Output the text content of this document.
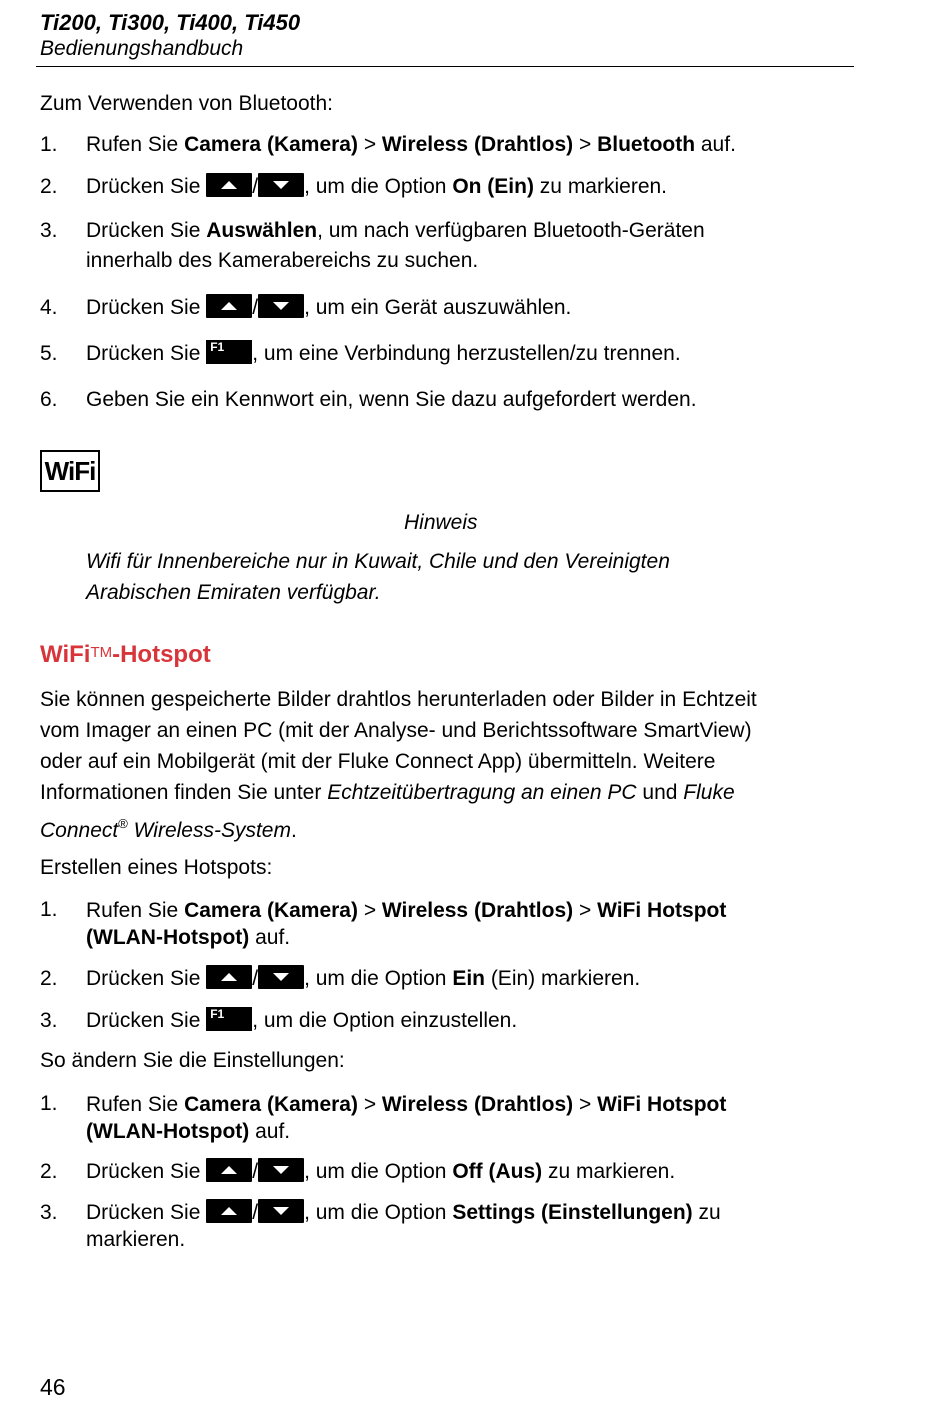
Ti200, Ti300, Ti400, Ti450
Bedienungshandbuch
Zum Verwenden von Bluetooth:
1. Rufen Sie Camera (Kamera) > Wireless (Drahtlos) > Bluetooth auf.
2. Drücken Sie
/ , um die Option On (Ein) zu markieren.
3. Drücken Sie Auswählen, um nach verfügbaren Bluetooth-Geräten
innerhalb des Kamerabereichs zu suchen.
4. Drücken Sie
/ , um ein Gerät auszuwählen.
5. Drücken Sie F1 , um eine Verbindung herzustellen/zu trennen.
6. Geben Sie ein Kennwort ein, wenn Sie dazu aufgefordert werden.
WiFi
Hinweis
Wifi für Innenbereiche nur in Kuwait, Chile und den Vereinigten
Arabischen Emiraten verfügbar.
WiFi™-Hotspot
Sie können gespeicherte Bilder drahtlos herunterladen oder Bilder in Echtzeit
vom Imager an einen PC (mit der Analyse- und Berichtssoftware SmartView)
oder auf ein Mobilgerät (mit der Fluke Connect App) übermitteln. Weitere
Informationen finden Sie unter Echtzeitübertragung an einen PC und Fluke
Connect® Wireless-System.
Erstellen eines Hotspots:
1. Rufen Sie Camera (Kamera) > Wireless (Drahtlos) > WiFi Hotspot
(WLAN-Hotspot) auf.
2. Drücken Sie
/ , um die Option Ein (Ein) markieren.
3. Drücken Sie F1 , um die Option einzustellen.
So ändern Sie die Einstellungen:
1. Rufen Sie Camera (Kamera) > Wireless (Drahtlos) > WiFi Hotspot
(WLAN-Hotspot) auf.
2. Drücken Sie
/ , um die Option Off (Aus) zu markieren.
3. Drücken Sie
/ , um die Option Settings (Einstellungen) zu
markieren.
46
